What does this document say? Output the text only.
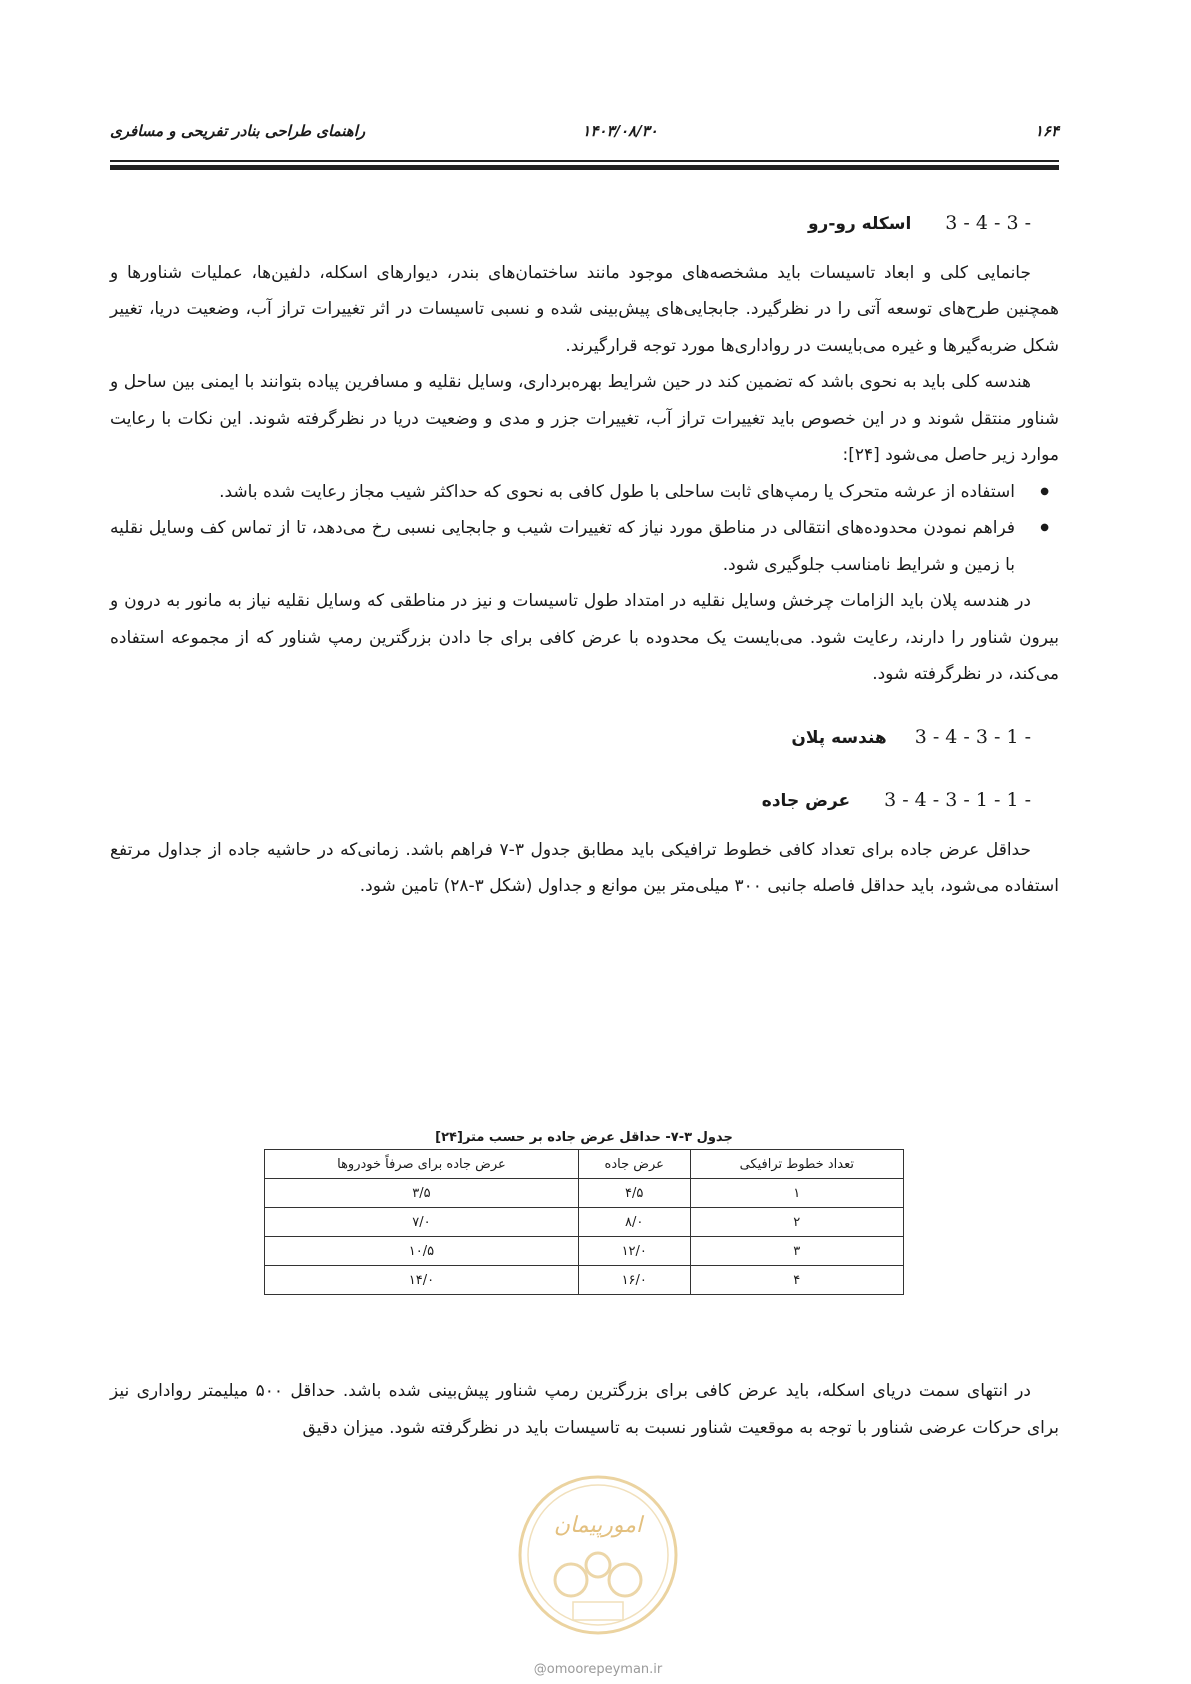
۱۶۴
۱۴۰۳/۰۸/۳۰
راهنمای طراحی بنادر تفریحی و مسافری

3 - 4 - 3 - اسکله رو-رو

جانمایی کلی و ابعاد تاسیسات باید مشخصه‌های موجود مانند ساختمان‌های بندر، دیوارهای اسکله، دلفین‌ها، عملیات شناورها و همچنین طرح‌های توسعه آتی را در نظرگیرد. جابجایی‌های پیش‌بینی شده و نسبی تاسیسات در اثر تغییرات تراز آب، وضعیت دریا، تغییر شکل ضربه‌گیرها و غیره می‌بایست در رواداری‌ها مورد توجه قرارگیرند.

هندسه کلی باید به نحوی باشد که تضمین کند در حین شرایط بهره‌برداری، وسایل نقلیه و مسافرین پیاده بتوانند با ایمنی بین ساحل و شناور منتقل شوند و در این خصوص باید تغییرات تراز آب، تغییرات جزر و مدی و وضعیت دریا در نظرگرفته شوند. این نکات با رعایت موارد زیر حاصل می‌شود [۲۴]:

● استفاده از عرشه متحرک یا رمپ‌های ثابت ساحلی با طول کافی به نحوی که حداکثر شیب مجاز رعایت شده باشد.
● فراهم نمودن محدوده‌های انتقالی در مناطق مورد نیاز که تغییرات شیب و جابجایی نسبی رخ می‌دهد، تا از تماس کف وسایل نقلیه با زمین و شرایط نامناسب جلوگیری شود.

در هندسه پلان باید الزامات چرخش وسایل نقلیه در امتداد طول تاسیسات و نیز در مناطقی که وسایل نقلیه نیاز به مانور به درون و بیرون شناور را دارند، رعایت شود. می‌بایست یک محدوده با عرض کافی برای جا دادن بزرگترین رمپ شناور که از مجموعه استفاده می‌کند، در نظرگرفته شود.

3 - 4 - 3 - 1 -هندسه پلان

3 - 4 - 3 - 1 - 1 - عرض جاده

حداقل عرض جاده برای تعداد کافی خطوط ترافیکی باید مطابق جدول ۳-۷ فراهم باشد. زمانی‌که در حاشیه جاده از جداول مرتفع استفاده می‌شود، باید حداقل فاصله جانبی ۳۰۰ میلی‌متر بین موانع و جداول (شکل ۳-۲۸) تامین شود.

جدول ۳-۷- حداقل عرض جاده بر حسب متر[۲۴]
تعداد خطوط ترافیکی	عرض جاده	عرض جاده برای صرفاً خودروها
۱	۴/۵	۳/۵
۲	۸/۰	۷/۰
۳	۱۲/۰	۱۰/۵
۴	۱۶/۰	۱۴/۰

در انتهای سمت دریای اسکله، باید عرض کافی برای بزرگترین رمپ شناور پیش‌بینی شده باشد. حداقل ۵۰۰ میلیمتر رواداری نیز برای حرکات عرضی شناور با توجه به موقعیت شناور نسبت به تاسیسات باید در نظرگرفته شود. میزان دقیق

امورپیمان
@omoorepeyman.ir
